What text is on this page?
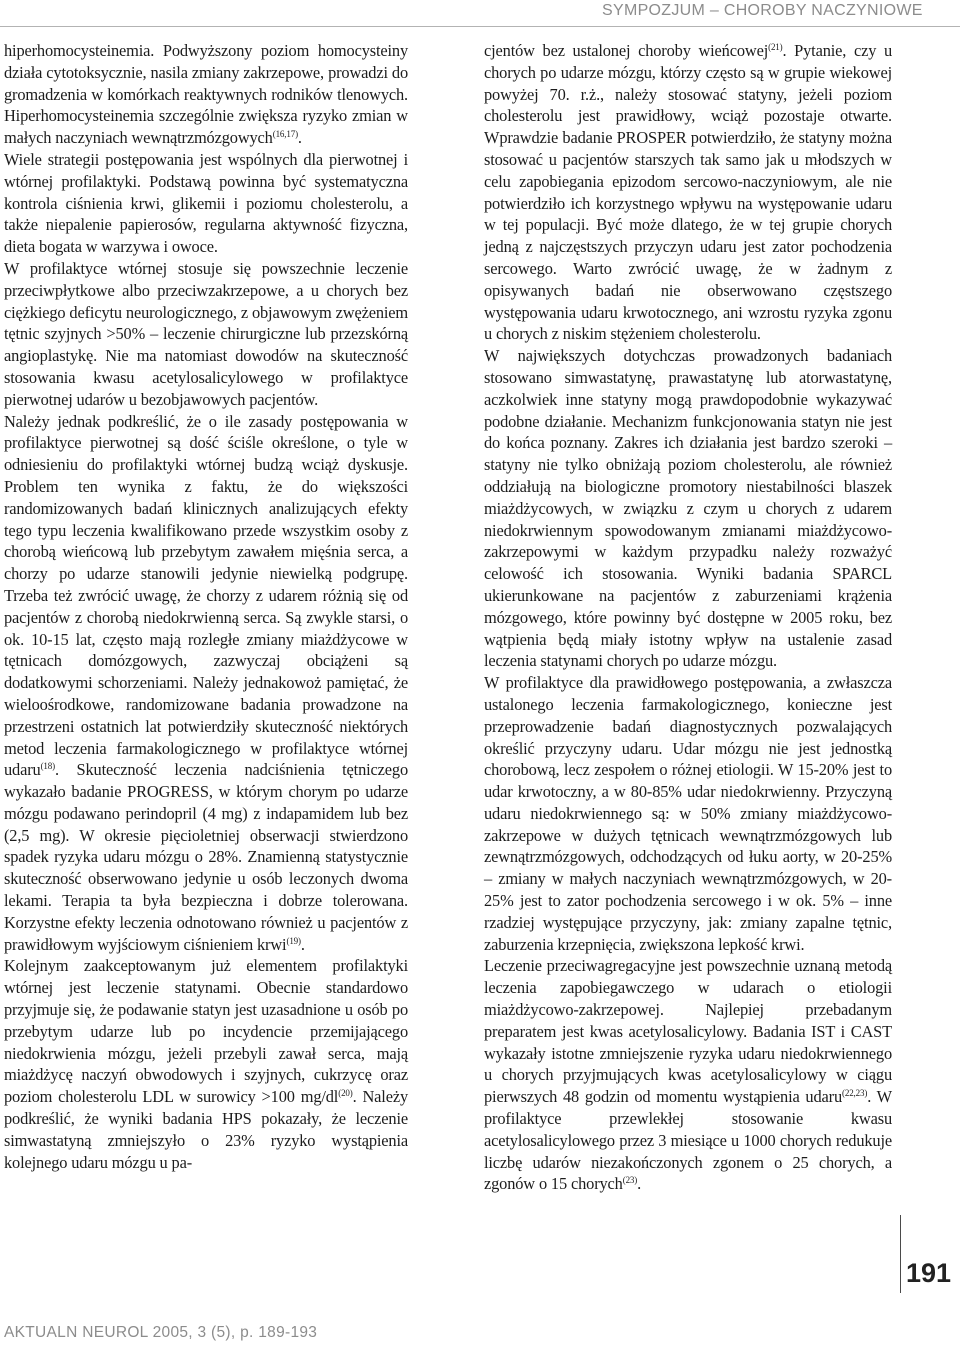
SYMPOZJUM – CHOROBY NACZYNIOWE

hiperhomocysteinemia. Podwyższony poziom homocysteiny działa cytotoksycznie, nasila zmiany zakrzepowe, prowadzi do gromadzenia w komórkach reaktywnych rodników tlenowych. Hiperhomocysteinemia szczególnie zwiększa ryzyko zmian w małych naczyniach wewnątrzmózgowych$^{(16,17)}$.

Wiele strategii postępowania jest wspólnych dla pierwotnej i wtórnej profilaktyki. Podstawą powinna być systematyczna kontrola ciśnienia krwi, glikemii i poziomu cholesterolu, a także niepalenie papierosów, regularna aktywność fizyczna, dieta bogata w warzywa i owoce.

W profilaktyce wtórnej stosuje się powszechnie leczenie przeciwpłytkowe albo przeciwzakrzepowe, a u chorych bez ciężkiego deficytu neurologicznego, z objawowym zwężeniem tętnic szyjnych >50% – leczenie chirurgiczne lub przezskórną angioplastykę. Nie ma natomiast dowodów na skuteczność stosowania kwasu acetylosalicylowego w profilaktyce pierwotnej udarów u bezobjawowych pacjentów.

Należy jednak podkreślić, że o ile zasady postępowania w profilaktyce pierwotnej są dość ściśle określone, o tyle w odniesieniu do profilaktyki wtórnej budzą wciąż dyskusje. Problem ten wynika z faktu, że do większości randomizowanych badań klinicznych analizujących efekty tego typu leczenia kwalifikowano przede wszystkim osoby z chorobą wieńcową lub przebytym zawałem mięśnia serca, a chorzy po udarze stanowili jedynie niewielką podgrupę. Trzeba też zwrócić uwagę, że chorzy z udarem różnią się od pacjentów z chorobą niedokrwienną serca. Są zwykle starsi, o ok. 10-15 lat, często mają rozległe zmiany miażdżycowe w tętnicach domózgowych, zazwyczaj obciążeni są dodatkowymi schorzeniami. Należy jednakowoż pamiętać, że wieloośrodkowe, randomizowane badania prowadzone na przestrzeni ostatnich lat potwierdziły skuteczność niektórych metod leczenia farmakologicznego w profilaktyce wtórnej udaru$^{(18)}$. Skuteczność leczenia nadciśnienia tętniczego wykazało badanie PROGRESS, w którym chorym po udarze mózgu podawano perindopril (4 mg) z indapamidem lub bez (2,5 mg). W okresie pięcioletniej obserwacji stwierdzono spadek ryzyka udaru mózgu o 28%. Znamienną statystycznie skuteczność obserwowano jedynie u osób leczonych dwoma lekami. Terapia ta była bezpieczna i dobrze tolerowana. Korzystne efekty leczenia odnotowano również u pacjentów z prawidłowym wyjściowym ciśnieniem krwi$^{(19)}$.

Kolejnym zaakceptowanym już elementem profilaktyki wtórnej jest leczenie statynami. Obecnie standardowo przyjmuje się, że podawanie statyn jest uzasadnione u osób po przebytym udarze lub po incydencie przemijającego niedokrwienia mózgu, jeżeli przebyli zawał serca, mają miażdżycę naczyń obwodowych i szyjnych, cukrzycę oraz poziom cholesterolu LDL w surowicy >100 $mg/dl^{(20)}$. Należy podkreślić, że wyniki badania HPS pokazały, że leczenie simwastatyną zmniejszyło o 23% ryzyko wystąpienia kolejnego udaru mózgu u pa-

cjentów bez ustalonej choroby wieńcowej$^{(21)}$. Pytanie, czy u chorych po udarze mózgu, którzy często są w grupie wiekowej powyżej 70. r.ż., należy stosować statyny, jeżeli poziom cholesterolu jest prawidłowy, wciąż pozostaje otwarte. Wprawdzie badanie PROSPER potwierdziło, że statyny można stosować u pacjentów starszych tak samo jak u młodszych w celu zapobiegania epizodom sercowo-naczyniowym, ale nie potwierdziło ich korzystnego wpływu na występowanie udaru w tej populacji. Być może dlatego, że w tej grupie chorych jedną z najczęstszych przyczyn udaru jest zator pochodzenia sercowego. Warto zwrócić uwagę, że w żadnym z opisywanych badań nie obserwowano częstszego występowania udaru krwotocznego, ani wzrostu ryzyka zgonu u chorych z niskim stężeniem cholesterolu.

W największych dotychczas prowadzonych badaniach stosowano simwastatynę, prawastatynę lub atorwastatynę, aczkolwiek inne statyny mogą prawdopodobnie wykazywać podobne działanie. Mechanizm funkcjonowania statyn nie jest do końca poznany. Zakres ich działania jest bardzo szeroki – statyny nie tylko obniżają poziom cholesterolu, ale również oddziałują na biologiczne promotory niestabilności blaszek miażdżycowych, w związku z czym u chorych z udarem niedokrwiennym spowodowanym zmianami miażdżycowo-zakrzepowymi w każdym przypadku należy rozważyć celowość ich stosowania. Wyniki badania SPARCL ukierunkowane na pacjentów z zaburzeniami krążenia mózgowego, które powinny być dostępne w 2005 roku, bez wątpienia będą miały istotny wpływ na ustalenie zasad leczenia statynami chorych po udarze mózgu.

W profilaktyce dla prawidłowego postępowania, a zwłaszcza ustalonego leczenia farmakologicznego, konieczne jest przeprowadzenie badań diagnostycznych pozwalających określić przyczyny udaru. Udar mózgu nie jest jednostką chorobową, lecz zespołem o różnej etiologii. W 15-20% jest to udar krwotoczny, a w 80-85% udar niedokrwienny. Przyczyną udaru niedokrwiennego są: w 50% zmiany miażdżycowo-zakrzepowe w dużych tętnicach wewnątrzmózgowych lub zewnątrzmózgowych, odchodzących od łuku aorty, w 20-25% – zmiany w małych naczyniach wewnątrzmózgowych, w 20-25% jest to zator pochodzenia sercowego i w ok. 5% – inne rzadziej występujące przyczyny, jak: zmiany zapalne tętnic, zaburzenia krzepnięcia, zwiększona lepkość krwi.

Leczenie przeciwagregacyjne jest powszechnie uznaną metodą leczenia zapobiegawczego w udarach o etiologii miażdżycowo-zakrzepowej. Najlepiej przebadanym preparatem jest kwas acetylosalicylowy. Badania IST i CAST wykazały istotne zmniejszenie ryzyka udaru niedokrwiennego u chorych przyjmujących kwas acetylosalicylowy w ciągu pierwszych 48 godzin od momentu wystąpienia udaru$^{(22,23)}$. W profilaktyce przewlekłej stosowanie kwasu acetylosalicylowego przez 3 miesiące u 1000 chorych redukuje liczbę udarów niezakończonych zgonem o 25 chorych, a zgonów o 15 chorych$^{(23)}$.

191
AKTUALN NEUROL 2005, 3 (5), p. 189-193
